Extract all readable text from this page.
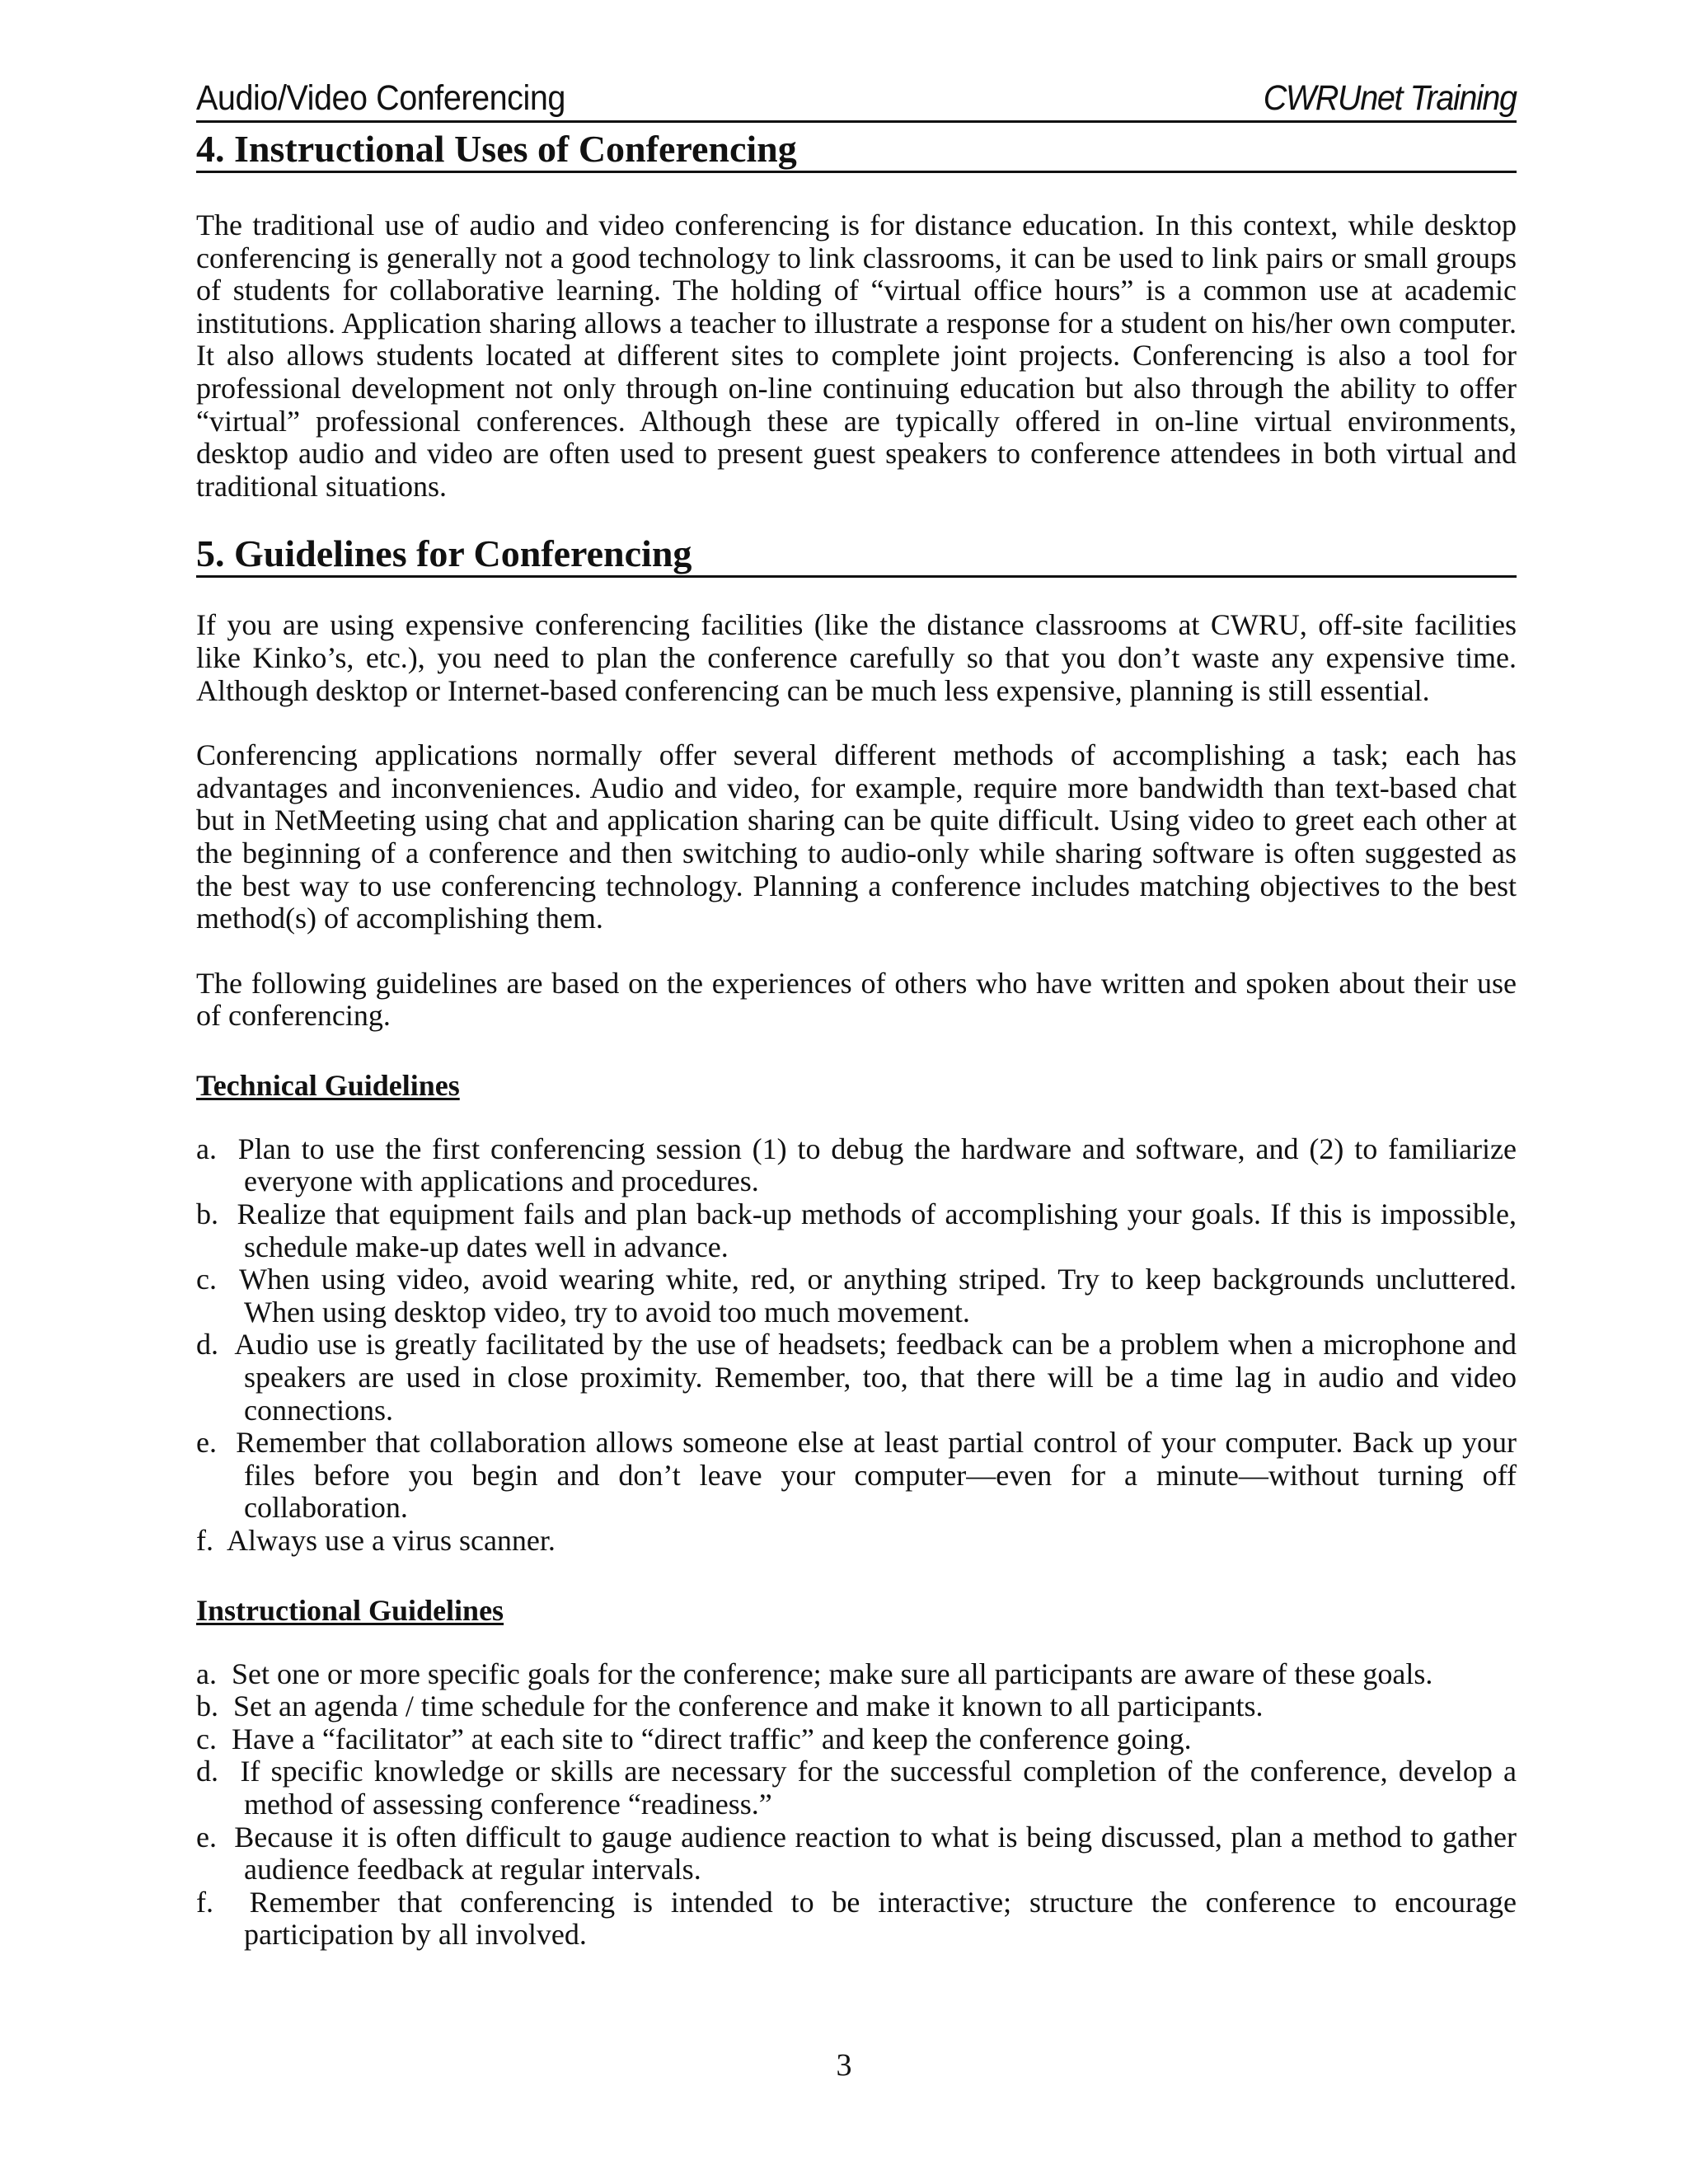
Audio/Video Conferencing	CWRUnet Training
4. Instructional Uses of Conferencing

The traditional use of audio and video conferencing is for distance education. In this context, while desktop conferencing is generally not a good technology to link classrooms, it can be used to link pairs or small groups of students for collaborative learning. The holding of “virtual office hours” is a common use at academic institutions. Application sharing allows a teacher to illustrate a response for a student on his/her own computer. It also allows students located at different sites to complete joint projects. Conferencing is also a tool for professional development not only through on-line continuing education but also through the ability to offer “virtual” professional conferences. Although these are typically offered in on-line virtual environments, desktop audio and video are often used to present guest speakers to conference attendees in both virtual and traditional situations.

5. Guidelines for Conferencing

If you are using expensive conferencing facilities (like the distance classrooms at CWRU, off-site facilities like Kinko’s, etc.), you need to plan the conference carefully so that you don’t waste any expensive time. Although desktop or Internet-based conferencing can be much less expensive, planning is still essential.

Conferencing applications normally offer several different methods of accomplishing a task; each has advantages and inconveniences. Audio and video, for example, require more bandwidth than text-based chat but in NetMeeting using chat and application sharing can be quite difficult. Using video to greet each other at the beginning of a conference and then switching to audio-only while sharing software is often suggested as the best way to use conferencing technology. Planning a conference includes matching objectives to the best method(s) of accomplishing them.

The following guidelines are based on the experiences of others who have written and spoken about their use of conferencing.

Technical Guidelines
a. Plan to use the first conferencing session (1) to debug the hardware and software, and (2) to familiarize everyone with applications and procedures.
b. Realize that equipment fails and plan back-up methods of accomplishing your goals. If this is impossible, schedule make-up dates well in advance.
c. When using video, avoid wearing white, red, or anything striped. Try to keep backgrounds uncluttered. When using desktop video, try to avoid too much movement.
d. Audio use is greatly facilitated by the use of headsets; feedback can be a problem when a microphone and speakers are used in close proximity. Remember, too, that there will be a time lag in audio and video connections.
e. Remember that collaboration allows someone else at least partial control of your computer. Back up your files before you begin and don’t leave your computer—even for a minute—without turning off collaboration.
f. Always use a virus scanner.
Instructional Guidelines
a. Set one or more specific goals for the conference; make sure all participants are aware of these goals.
b. Set an agenda / time schedule for the conference and make it known to all participants.
c. Have a “facilitator” at each site to “direct traffic” and keep the conference going.
d. If specific knowledge or skills are necessary for the successful completion of the conference, develop a method of assessing conference “readiness.”
e. Because it is often difficult to gauge audience reaction to what is being discussed, plan a method to gather audience feedback at regular intervals.
f. Remember that conferencing is intended to be interactive; structure the conference to encourage participation by all involved.
3
